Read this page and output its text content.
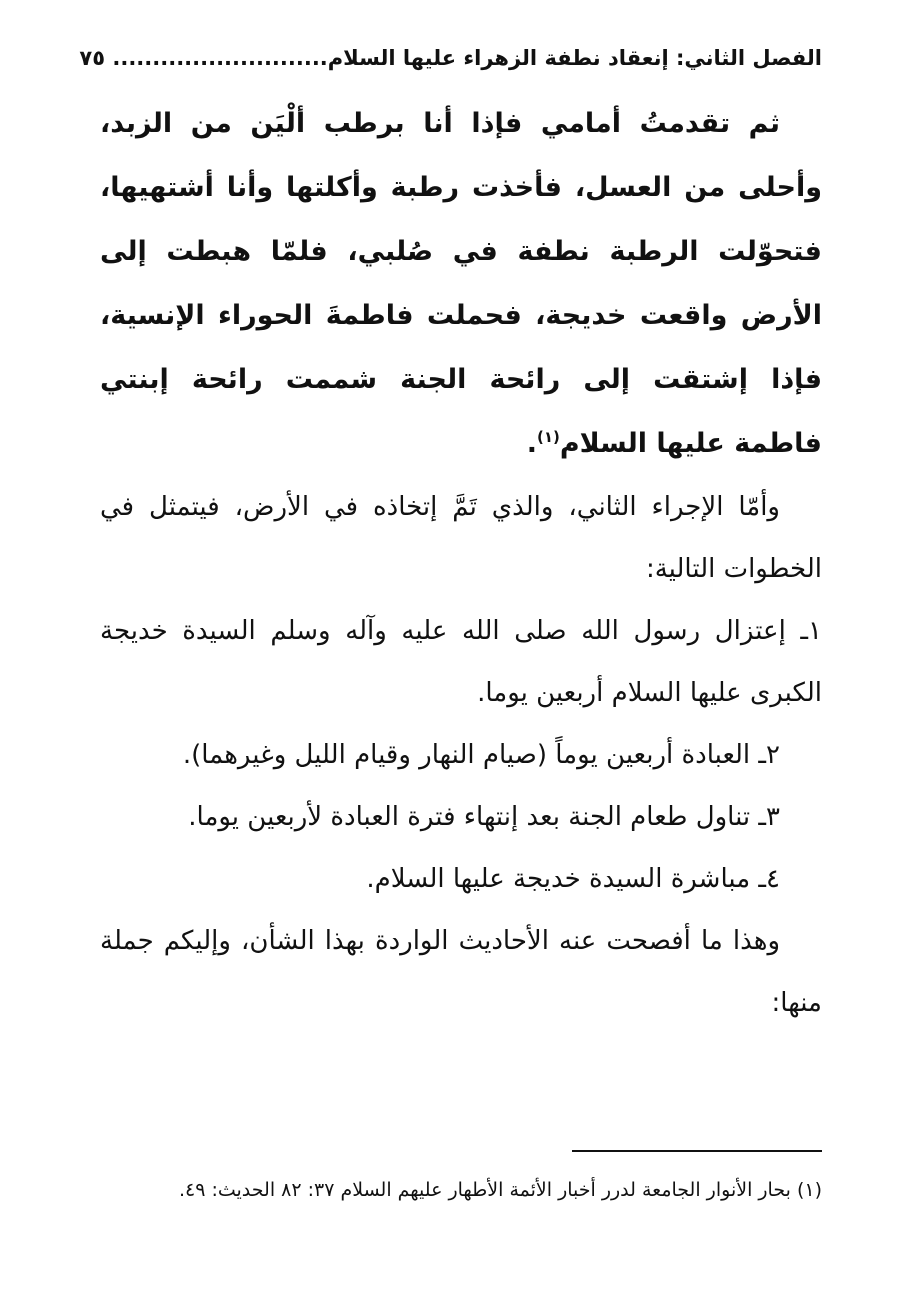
الفصل الثاني: إنعقاد نطفة الزهراء عليها السلام........................... ٧٥

ثم تقدمتُ أمامي فإذا أنا برطب ألْيَن من الزبد، وأحلى من العسل، فأخذت رطبة وأكلتها وأنا أشتهيها، فتحوّلت الرطبة نطفة في صُلبي، فلمّا هبطت إلى الأرض واقعت خديجة، فحملت فاطمةَ الحوراء الإنسية، فإذا إشتقت إلى رائحة الجنة شممت رائحة إبنتي فاطمة عليها السلام$^{(١)}$.

وأمّا الإجراء الثاني، والذي تَمَّ إتخاذه في الأرض، فيتمثل في الخطوات التالية:

١ـ إعتزال رسول الله صلى الله عليه وآله وسلم السيدة خديجة الكبرى عليها السلام أربعين يوما.

٢ـ العبادة أربعين يوماً (صيام النهار وقيام الليل وغيرهما).

٣ـ تناول طعام الجنة بعد إنتهاء فترة العبادة لأربعين يوما.

٤ـ مباشرة السيدة خديجة عليها السلام.

وهذا ما أفصحت عنه الأحاديث الواردة بهذا الشأن، وإليكم جملة منها:

(١) بحار الأنوار الجامعة لدرر أخبار الأئمة الأطهار عليهم السلام ٣٧: ٨٢ الحديث: ٤٩.
